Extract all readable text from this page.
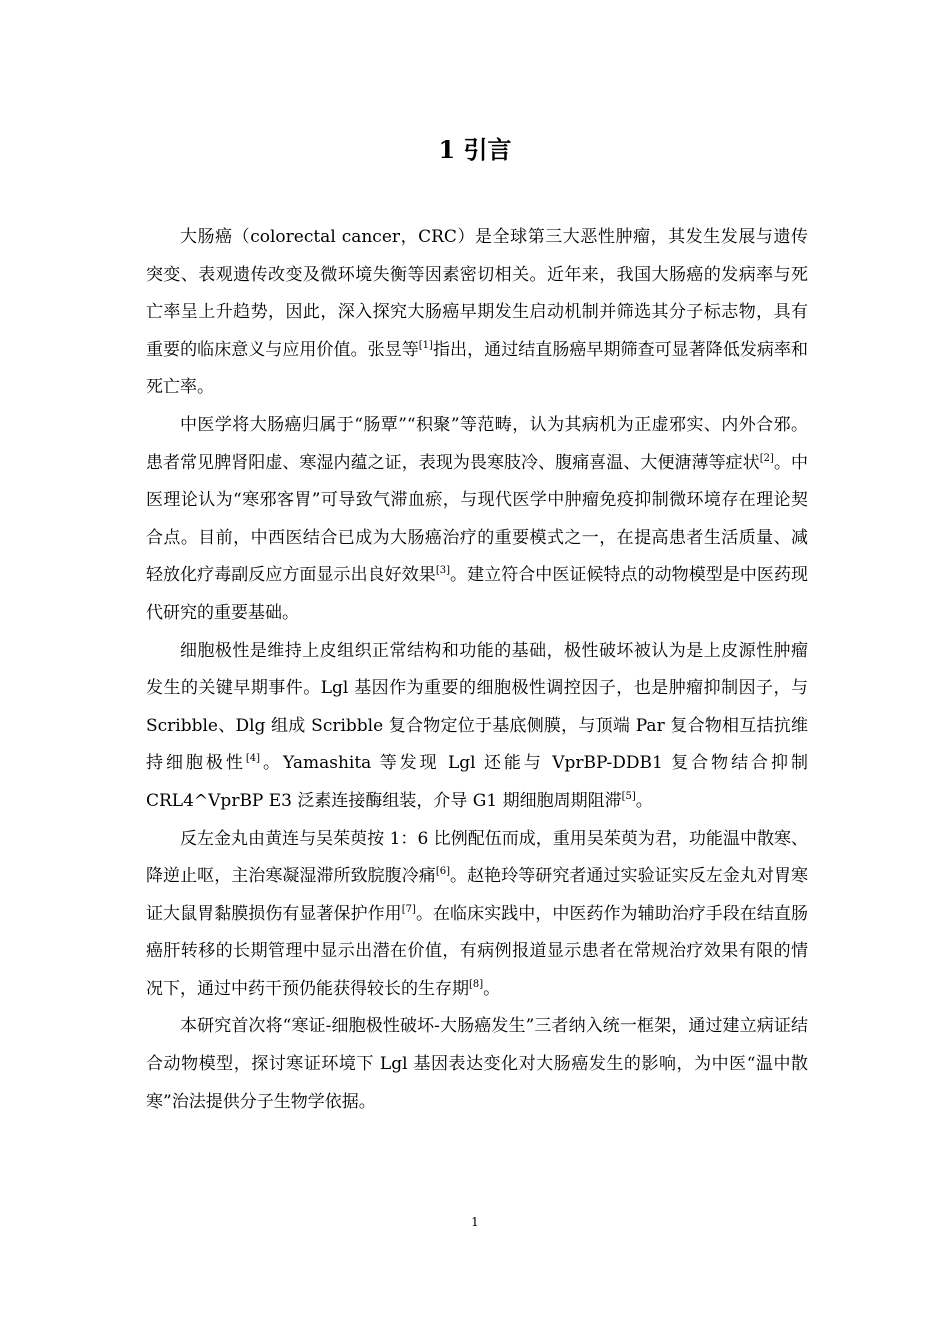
1 引言

大肠癌（colorectal cancer，CRC）是全球第三大恶性肿瘤，其发生发展与遗传突变、表观遗传改变及微环境失衡等因素密切相关。近年来，我国大肠癌的发病率与死亡率呈上升趋势，因此，深入探究大肠癌早期发生启动机制并筛选其分子标志物，具有重要的临床意义与应用价值。张昱等[1]指出，通过结直肠癌早期筛查可显著降低发病率和死亡率。

中医学将大肠癌归属于“肠覃”“积聚”等范畴，认为其病机为正虚邪实、内外合邪。患者常见脾肾阳虚、寒湿内蕴之证，表现为畏寒肢冷、腹痛喜温、大便溏薄等症状[2]。中医理论认为“寒邪客胃”可导致气滞血瘀，与现代医学中肿瘤免疫抑制微环境存在理论契合点。目前，中西医结合已成为大肠癌治疗的重要模式之一，在提高患者生活质量、减轻放化疗毒副反应方面显示出良好效果[3]。建立符合中医证候特点的动物模型是中医药现代研究的重要基础。

细胞极性是维持上皮组织正常结构和功能的基础，极性破坏被认为是上皮源性肿瘤发生的关键早期事件。Lgl 基因作为重要的细胞极性调控因子，也是肿瘤抑制因子，与 Scribble、Dlg 组成 Scribble 复合物定位于基底侧膜，与顶端 Par 复合物相互拮抗维持细胞极性[4]。Yamashita 等发现 Lgl 还能与 VprBP-DDB1 复合物结合抑制 CRL4^VprBP E3 泛素连接酶组装，介导 G1 期细胞周期阻滞[5]。

反左金丸由黄连与吴茱萸按 1：6 比例配伍而成，重用吴茱萸为君，功能温中散寒、降逆止呕，主治寒凝湿滞所致脘腹冷痛[6]。赵艳玲等研究者通过实验证实反左金丸对胃寒证大鼠胃黏膜损伤有显著保护作用[7]。在临床实践中，中医药作为辅助治疗手段在结直肠癌肝转移的长期管理中显示出潜在价值，有病例报道显示患者在常规治疗效果有限的情况下，通过中药干预仍能获得较长的生存期[8]。

本研究首次将“寒证-细胞极性破坏-大肠癌发生”三者纳入统一框架，通过建立病证结合动物模型，探讨寒证环境下 Lgl 基因表达变化对大肠癌发生的影响，为中医“温中散寒”治法提供分子生物学依据。

1
